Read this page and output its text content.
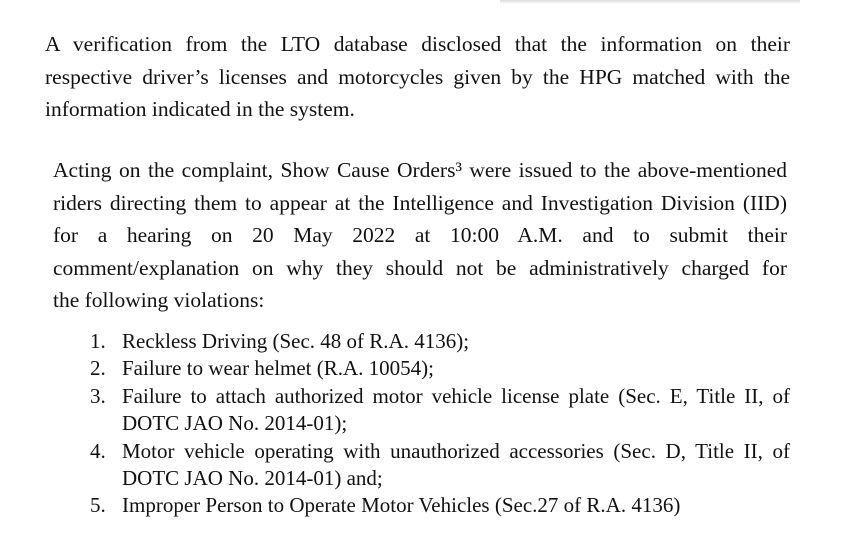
A verification from the LTO database disclosed that the information on their
respective driver’s licenses and motorcycles given by the HPG matched with the
information indicated in the system.

Acting on the complaint, Show Cause Orders³ were issued to the above-mentioned
riders directing them to appear at the Intelligence and Investigation Division (IID)
for a hearing on 20 May 2022 at 10:00 A.M. and to submit their
comment/explanation on why they should not be administratively charged for
the following violations:

1. Reckless Driving (Sec. 48 of R.A. 4136);
2. Failure to wear helmet (R.A. 10054);
3. Failure to attach authorized motor vehicle license plate (Sec. E, Title II, of
DOTC JAO No. 2014-01);
4. Motor vehicle operating with unauthorized accessories (Sec. D, Title II, of
DOTC JAO No. 2014-01) and;
5. Improper Person to Operate Motor Vehicles (Sec.27 of R.A. 4136)
